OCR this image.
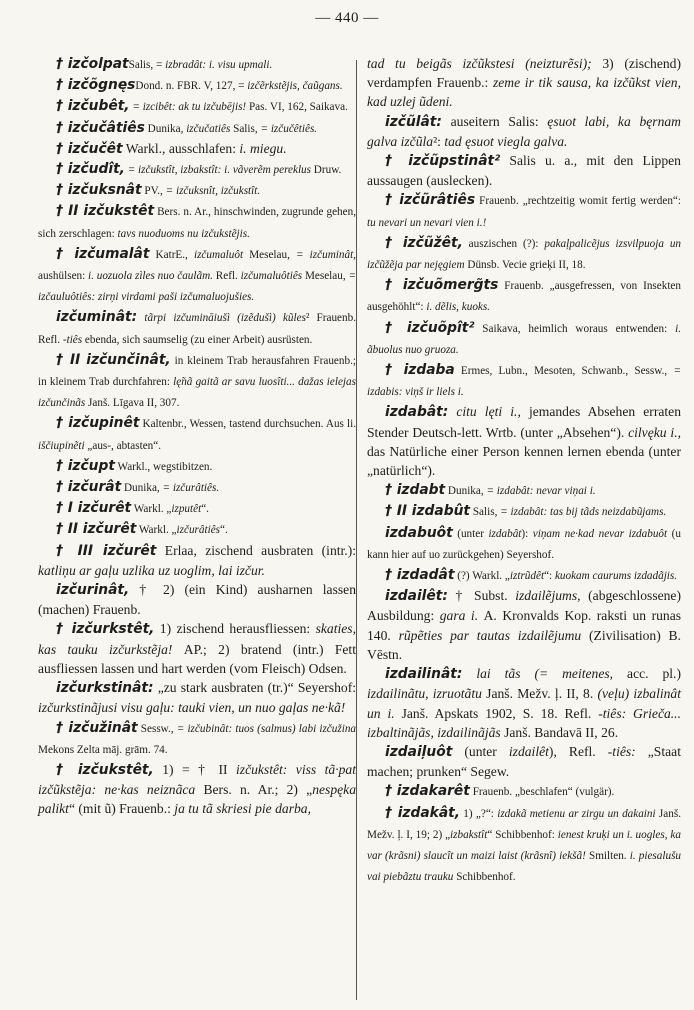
— 440 —

† izčolpatSalis, = izbradât: i. visu upmali.

† izčõgnęsDond. n. FBR. V, 127, = izčẽrkstẽjis, čaũgans.

† izčubêt, = izcibêt: ak tu izčubējis! Pas. VI, 162, Saikava.

† izčučâtiês Dunika, izčučatiês Salis, = izčučêtiês.

† izčučêt Warkl., ausschlafen: i. miegu.

† izčudît, = izčukstît, izbakstît: i. vãverẽm pereklus Druw.

† izčuksnât PV., = izčuksnît, izčukstît.

† II izčukstêt Bers. n. Ar., hinschwinden, zugrunde gehen, sich zerschlagen: tavs nuoduoms nu izčukstẽjis.

† izčumalât KatrE., izčumaluôt Meselau, = izčuminât, aushülsen: i. uozuola zìles nuo čaulãm. Refl. izčumaluôtiês Meselau, = izčauluôtiês: zirņi virdami paši izčumaluojušies.

izčuminât: tãrpi izčumināiušì (izẽdušì) kũles² Frauenb. Refl. -tiês ebenda, sich saumselig (zu einer Arbeit) ausrüsten.

† II izčunčinât, in kleinem Trab herausfahren Frauenb.; in kleinem Trab durchfahren: lę̃nã gaitã ar savu luosîti... dažas ielejas izčunčinãs Janš. Līgava II, 307.

† izčupinêt Kaltenbr., Wessen, tastend durchsuchen. Aus li. iščiupinẽti „aus-, abtasten“.

† izčupt Warkl., wegstibitzen.

† izčurât Dunika, = izčurâtiês.

† I izčurêt Warkl. „izputêt“.

† II izčurêt Warkl. „izčurâtiês“.

† III izčurêt Erlaa, zischend ausbraten (intr.): katliņu ar gaļu uzlika uz uoglim, lai izčur.

izčurinât, † 2) (ein Kind) ausharnen lassen (machen) Frauenb.

† izčurkstêt, 1) zischend herausfliessen: skaties, kas tauku izčurkstẽja! AP.; 2) bratend (intr.) Fett ausfliessen lassen und hart werden (vom Fleisch) Odsen.

izčurkstinât: „zu stark ausbraten (tr.)“ Seyershof: izčurkstinãjusi visu gaļu: tauki vien, un nuo gaļas ne·kã!

† izčužinât Sessw., = izčubinât: tuos (salmus) labi izčužina Mekons Zelta māj. grām. 74.

† izčukstêt, 1) = † II izčukstêt: viss tã·pat izčũkstẽja: ne·kas neiznãca Bers. n. Ar.; 2) „nespęka palikt“ (mit ũ) Frauenb.: ja tu tã skriesi pie darba,

tad tu beigãs izčũkstesi (neizturẽsi); 3) (zischend) verdampfen Frauenb.: zeme ir tik sausa, ka izčũkst vien, kad uzlej ũdeni.

izčũlât: auseitern Salis: ęsuot labi, ka bęrnam galva izčũla²: tad ęsuot viegla galva.

† izčũpstinât² Salis u. a., mit den Lippen aussaugen (auslecken).

† izčũrâtiês Frauenb. „rechtzeitig womit fertig werden“: tu nevari un nevari vien i.!

† izčũžêt, auszischen (?): pakaļpalicẽjus izsvilpuoja un izčũžẽja par nejęgiem Dünsb. Vecie grieķi II, 18.

† izčuõmerg̃ts Frauenb. „ausgefressen, von Insekten ausgehöhlt“: i. dẽlis, kuoks.

† izčuõpît² Saikava, heimlich woraus entwenden: i. ãbuolus nuo gruoza.

† izdaba Ermes, Lubn., Mesoten, Schwanb., Sessw., = izdabis: viņš ir liels i.

izdabât: citu lęti i., jemandes Absehen erraten Stender Deutsch-lett. Wrtb. (unter „Absehen“). cilvęku i., das Natürliche einer Person kennen lernen ebenda (unter „natürlich“).

† izdabt Dunika, = izdabât: nevar viņai i.

† II izdabût Salis, = izdabât: tas bij tãds neizdabũjams.

izdabuôt (unter izdabât): viņam ne·kad nevar izdabuôt (u kann hier auf uo zurückgehen) Seyershof.

† izdadât (?) Warkl. „iztrũdêt“: kuokam caurums izdadãjis.

izdailêt: † Subst. izdailẽjums, (abgeschlossene) Ausbildung: gara i. A. Kronvalds Kop. raksti un runas 140. rũpẽties par tautas izdailẽjumu (Zivilisation) B. Vēstn.

izdailinât: lai tãs (= meitenes, acc. pl.) izdailinãtu, izruotãtu Janš. Mežv. ļ. II, 8. (veļu) izbalinât un i. Janš. Apskats 1902, S. 18. Refl. -tiês: Grieča... izbaltinãjãs, izdailinãjãs Janš. Bandavā II, 26.

izdaiļuôt (unter izdailêt), Refl. -tiês: „Staat machen; prunken“ Segew.

† izdakarêt Frauenb. „beschlafen“ (vulgär).

† izdakât, 1) „?“: izdakã metienu ar zirgu un dakaini Janš. Mežv. ļ. I, 19; 2) „izbakstît“ Schibbenhof: ienest kruķi un i. uogles, ka var (krãsni) slaucît un maizi laist (krãsnî) iekšã! Smilten. i. piesalušu vai piebãztu trauku Schibbenhof.
